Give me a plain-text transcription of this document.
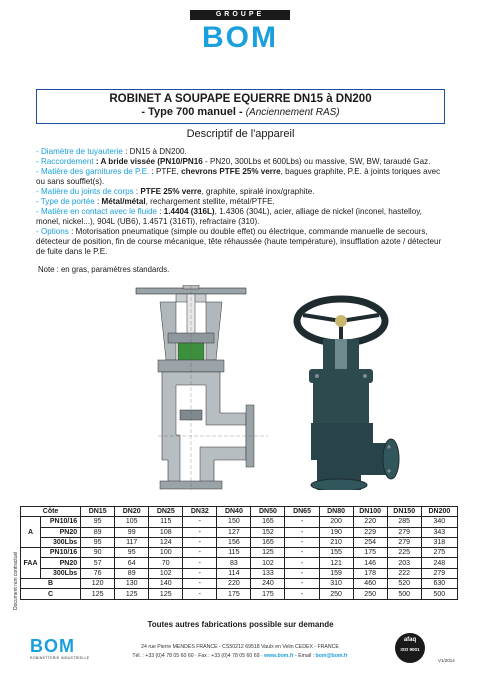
GROUPE
BOM
ROBINET A SOUPAPE EQUERRE DN15 à DN200
- Type 700 manuel - (Anciennement RAS)
Descriptif de l'appareil
- Diamètre de tuyauterie : DN15 à DN200.
- Raccordement : A bride vissée (PN10/PN16 - PN20, 300Lbs et 600Lbs) ou massive, SW, BW, taraudé Gaz.
- Matière des garnitures de P.E. : PTFE, chevrons PTFE 25% verre, bagues graphite, P.E. à joints toriques avec ou sans soufflet(s).
- Matière du joints de corps : PTFE 25% verre, graphite, spiralé inox/graphite.
- Type de portée : Métal/métal, rechargement stellite, métal/PTFE.
- Matière en contact avec le fluide : 1.4404 (316L), 1.4306 (304L), acier, alliage de nickel (inconel, hastelloy, monel, nickel...), 904L (UB6), 1.4571 (316Ti), refractaire (310).
- Options : Motorisation pneumatique (simple ou double effet) ou électrique, commande manuelle de secours, détecteur de position, fin de course mécanique, tête réhaussée (haute température), insufflation azote / détecteur de fuite dans le P.E.
Note : en gras, paramètres standards.
Côte		DN15	DN20	DN25	DN32	DN40	DN50	DN65	DN80	DN100	DN150	DN200
A	PN10/16	95	105	115	-	150	165	-	200	220	285	340
	PN20	89	99	108	-	127	152	-	190	229	279	343
	300Lbs	95	117	124	-	156	165	-	210	254	279	318
FAA	PN10/16	90	95	100	-	115	125	-	155	175	225	275
	PN20	57	64	70	-	83	102	-	121	146	203	248
	300Lbs	76	89	102	-	114	133	-	159	178	222	279
B		120	130	140	-	220	240	-	310	460	520	630
C		125	125	125	-	175	175	-	250	250	500	500
Document non contractuel
Toutes autres fabrications possible sur demande
BOM
ROBINETTERIE INDUSTRIELLE
24 rue Pierre MENDES FRANCE - CS50212 69518 Vaulx en Velin CEDEX - FRANCE
Tél. : +33 (0)4 78 05 60 60 · Fax : +33 (0)4 78 05 60 69 · www.bom.fr - Email : bom@bom.fr
afaq
ISO 9001
V1/2014
